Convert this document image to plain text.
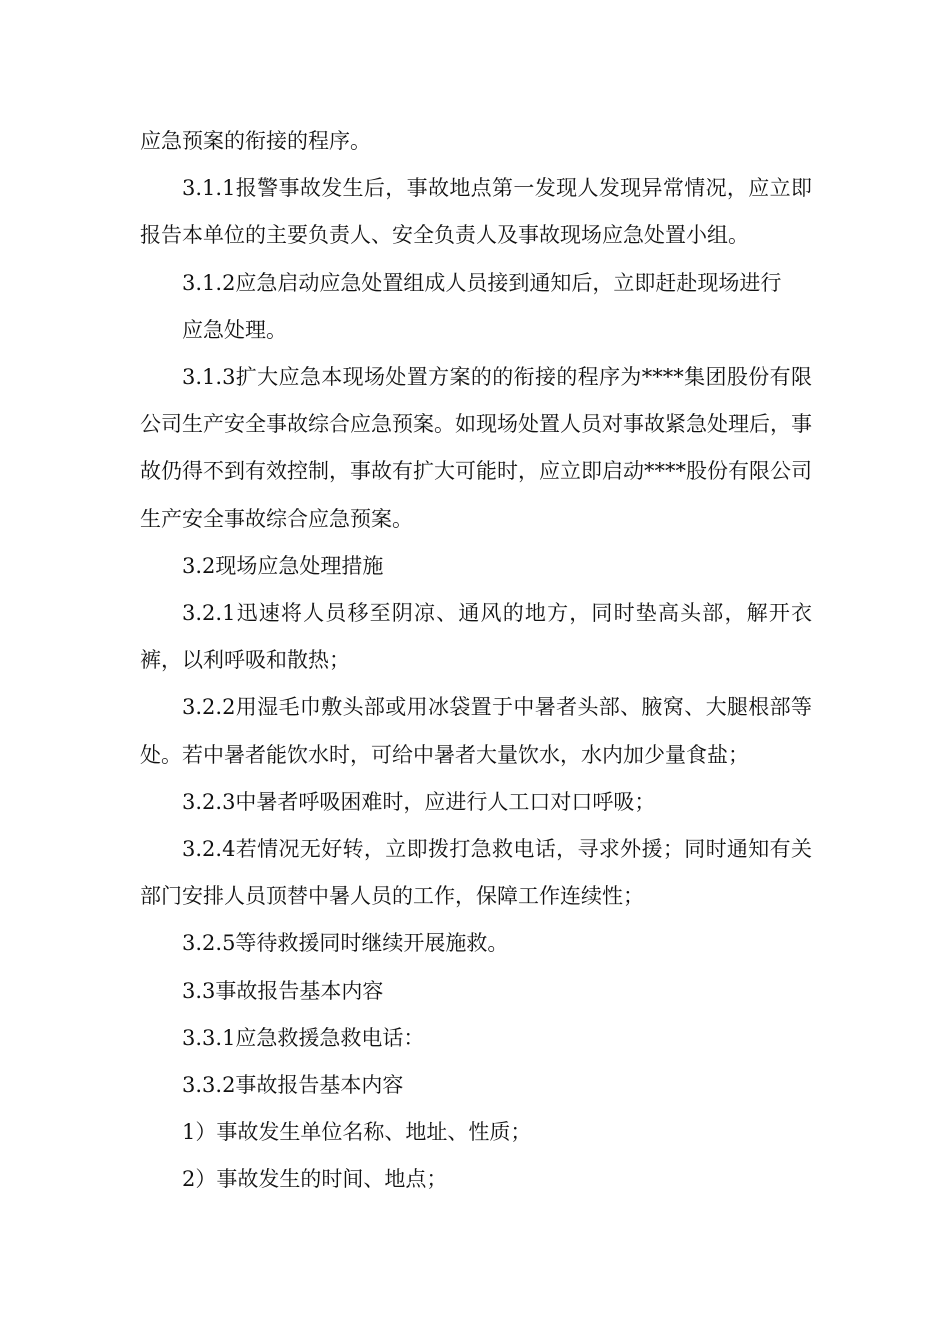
应急预案的衔接的程序。

3.1.1报警事故发生后，事故地点第一发现人发现异常情况，应立即报告本单位的主要负责人、安全负责人及事故现场应急处置小组。

3.1.2应急启动应急处置组成人员接到通知后，立即赶赴现场进行

应急处理。

3.1.3扩大应急本现场处置方案的的衔接的程序为****集团股份有限公司生产安全事故综合应急预案。如现场处置人员对事故紧急处理后，事故仍得不到有效控制，事故有扩大可能时，应立即启动****股份有限公司生产安全事故综合应急预案。

3.2现场应急处理措施

3.2.1迅速将人员移至阴凉、通风的地方，同时垫高头部，解开衣裤，以利呼吸和散热；

3.2.2用湿毛巾敷头部或用冰袋置于中暑者头部、腋窝、大腿根部等处。若中暑者能饮水时，可给中暑者大量饮水，水内加少量食盐；

3.2.3中暑者呼吸困难时，应进行人工口对口呼吸；

3.2.4若情况无好转，立即拨打急救电话，寻求外援；同时通知有关部门安排人员顶替中暑人员的工作，保障工作连续性；

3.2.5等待救援同时继续开展施救。

3.3事故报告基本内容

3.3.1应急救援急救电话：

3.3.2事故报告基本内容

1）事故发生单位名称、地址、性质；

2）事故发生的时间、地点；
